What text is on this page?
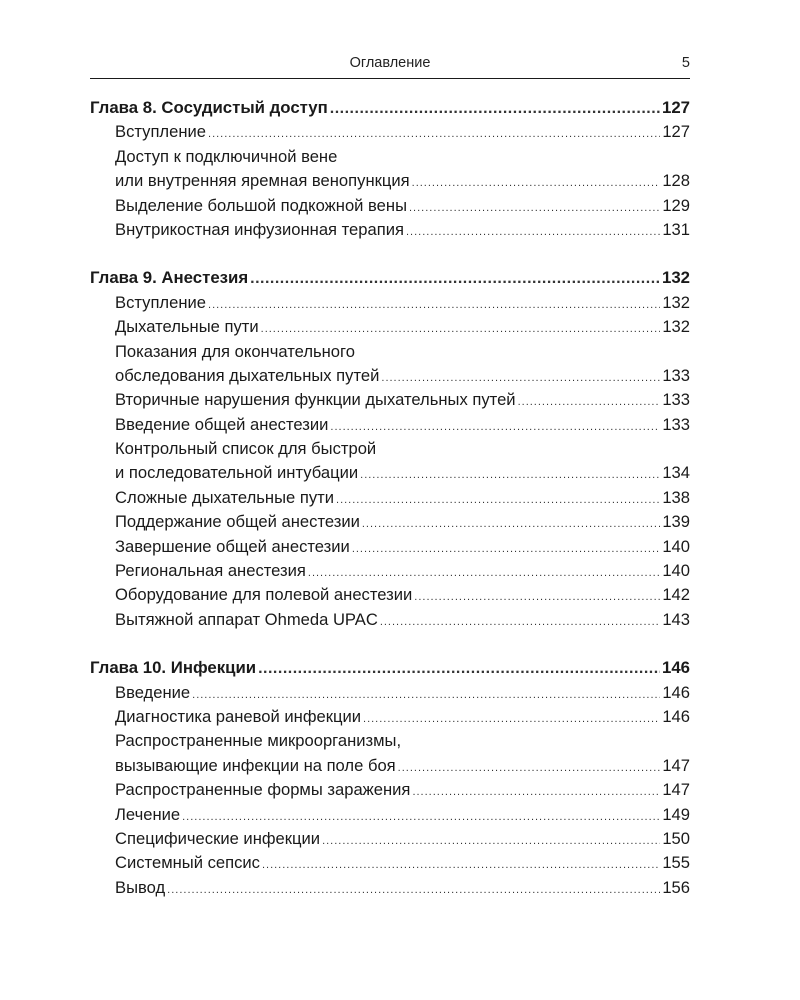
Оглавление	5
Глава 8. Сосудистый доступ .....	127
Вступление .....	127
Доступ к подключичной вене
или внутренняя яремная венопункция .....	128
Выделение большой подкожной вены .....	129
Внутрикостная инфузионная терапия .....	131
Глава 9. Анестезия .....	132
Вступление .....	132
Дыхательные пути .....	132
Показания для окончательного
обследования дыхательных путей .....	133
Вторичные нарушения функции дыхательных путей .....	133
Введение общей анестезии .....	133
Контрольный список для быстрой
и последовательной интубации .....	134
Сложные дыхательные пути .....	138
Поддержание общей анестезии .....	139
Завершение общей анестезии .....	140
Региональная анестезия .....	140
Оборудование для полевой анестезии .....	142
Вытяжной аппарат Ohmeda UPAC .....	143
Глава 10. Инфекции .....	146
Введение .....	146
Диагностика раневой инфекции .....	146
Распространенные микроорганизмы,
вызывающие инфекции на поле боя .....	147
Распространенные формы заражения .....	147
Лечение .....	149
Специфические инфекции .....	150
Системный сепсис .....	155
Вывод .....	156
